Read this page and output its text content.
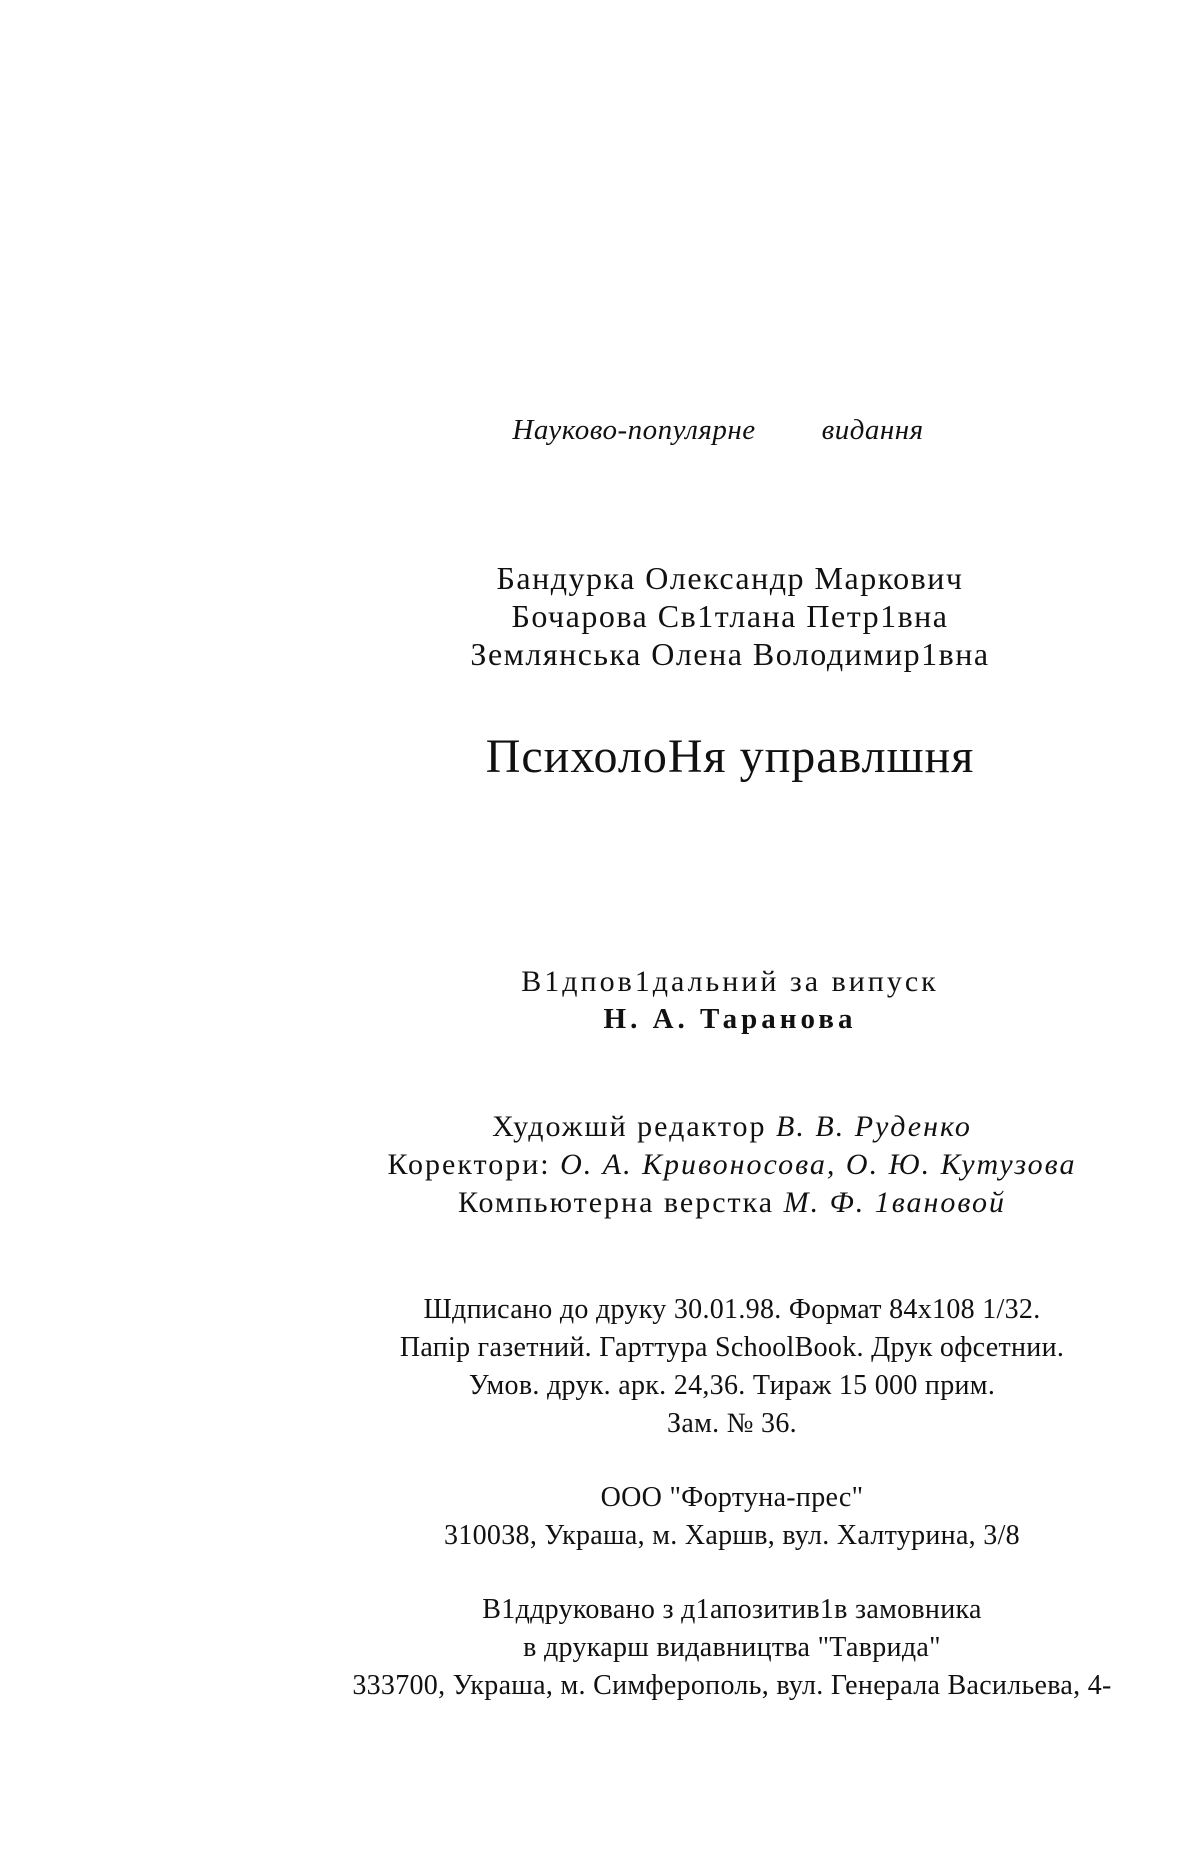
Науково-популярне видання
Бандурка Олександр Маркович
Бочарова Св1тлана Петр1вна
Землянська Олена Володимир1вна
ПсихолоНя управлшня
В1дпов1дальний за випуск
Н. А. Таранова
Художшй редактор В. В. Руденко
Коректори: О. А. Кривоносова, О. Ю. Кутузова
Компьютерна верстка М. Ф. 1вановой
Шдписано до друку 30.01.98. Формат 84x108 1/32.
Папір газетний. Гарттура SchoolBook. Друк офсетнии.
Умов. друк. арк. 24,36. Тираж 15 000 прим.
Зам. № 36.
ООО "Фортуна-прес"
310038, Украша, м. Харшв, вул. Халтурина, 3/8
В1ддруковано з д1апозитив1в замовника
в друкарш видавництва "Таврида"
333700, Украша, м. Симферополь, вул. Генерала Васильева, 4-
